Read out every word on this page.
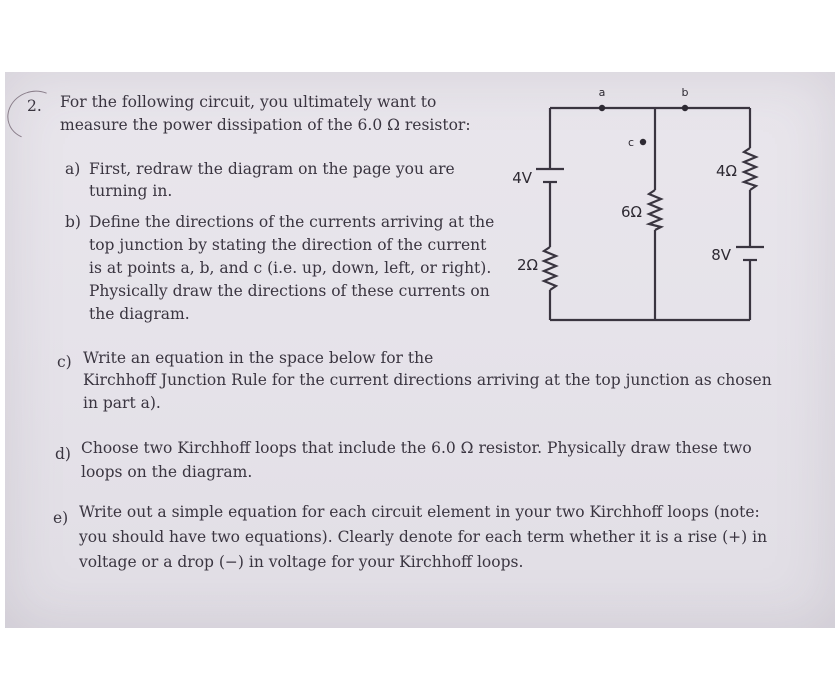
2. For the following circuit, you ultimately want to
measure the power dissipation of the 6.0 Ω resistor:
a) First, redraw the diagram on the page you are
turning in.
b) Define the directions of the currents arriving at the
top junction by stating the direction of the current
is at points a, b, and c (i.e. up, down, left, or right).
Physically draw the directions of these currents on
the diagram.
c) Write an equation in the space below for the
Kirchhoff Junction Rule for the current directions arriving at the top junction as chosen
in part a).
d) Choose two Kirchhoff loops that include the 6.0 Ω resistor. Physically draw these two
loops on the diagram.
e) Write out a simple equation for each circuit element in your two Kirchhoff loops (note:
you should have two equations). Clearly denote for each term whether it is a rise (+) in
voltage or a drop (−) in voltage for your Kirchhoff loops.
a	b
c
4V
8V
2Ω
6Ω
4Ω
